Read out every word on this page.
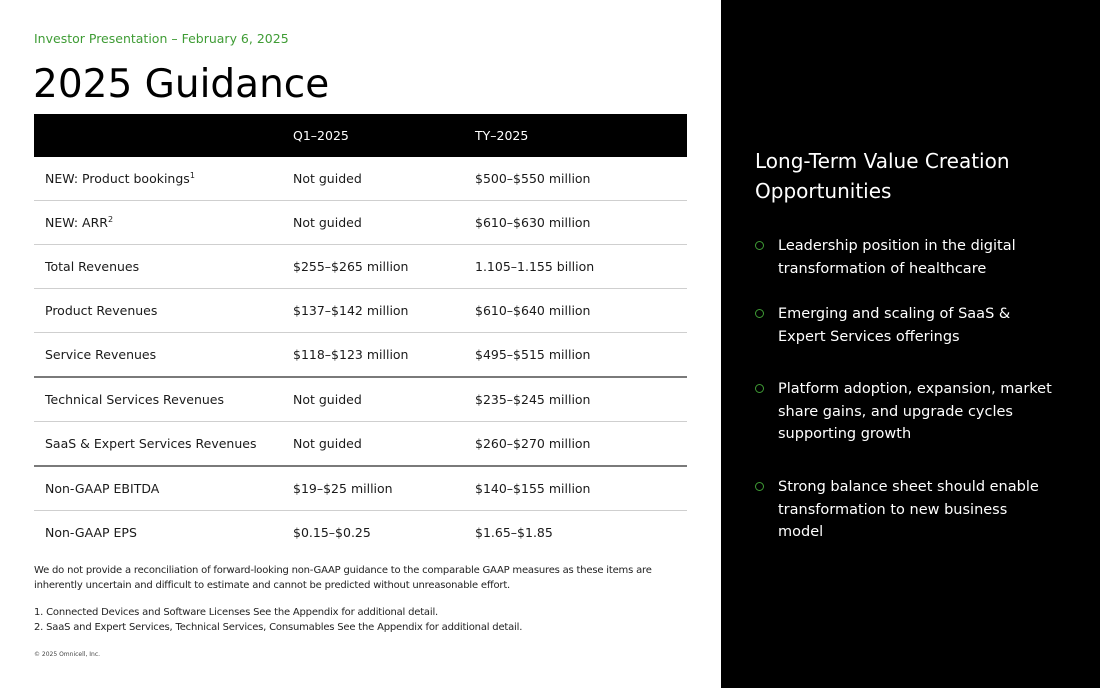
Investor Presentation – February 6, 2025
2025 Guidance
	Q1–2025	TY–2025
NEW: Product bookings$^1$	Not guided	$500–$550 million
NEW: ARR$^2$	Not guided	$610–$630 million
Total Revenues	$255–$265 million	1.105–1.155 billion
Product Revenues	$137–$142 million	$610–$640 million
Service Revenues	$118–$123 million	$495–$515 million
Technical Services Revenues	Not guided	$235–$245 million
SaaS & Expert Services Revenues	Not guided	$260–$270 million
Non-GAAP EBITDA	$19–$25 million	$140–$155 million
Non-GAAP EPS	$0.15–$0.25	$1.65–$1.85
We do not provide a reconciliation of forward-looking non-GAAP guidance to the comparable GAAP measures as these items are inherently uncertain and difficult to estimate and cannot be predicted without unreasonable effort.
1. Connected Devices and Software Licenses See the Appendix for additional detail.
2. SaaS and Expert Services, Technical Services, Consumables See the Appendix for additional detail.
© 2025 Omnicell, Inc.
Long-Term Value Creation Opportunities
Leadership position in the digital transformation of healthcare
Emerging and scaling of SaaS & Expert Services offerings
Platform adoption, expansion, market share gains, and upgrade cycles supporting growth
Strong balance sheet should enable transformation to new business model
